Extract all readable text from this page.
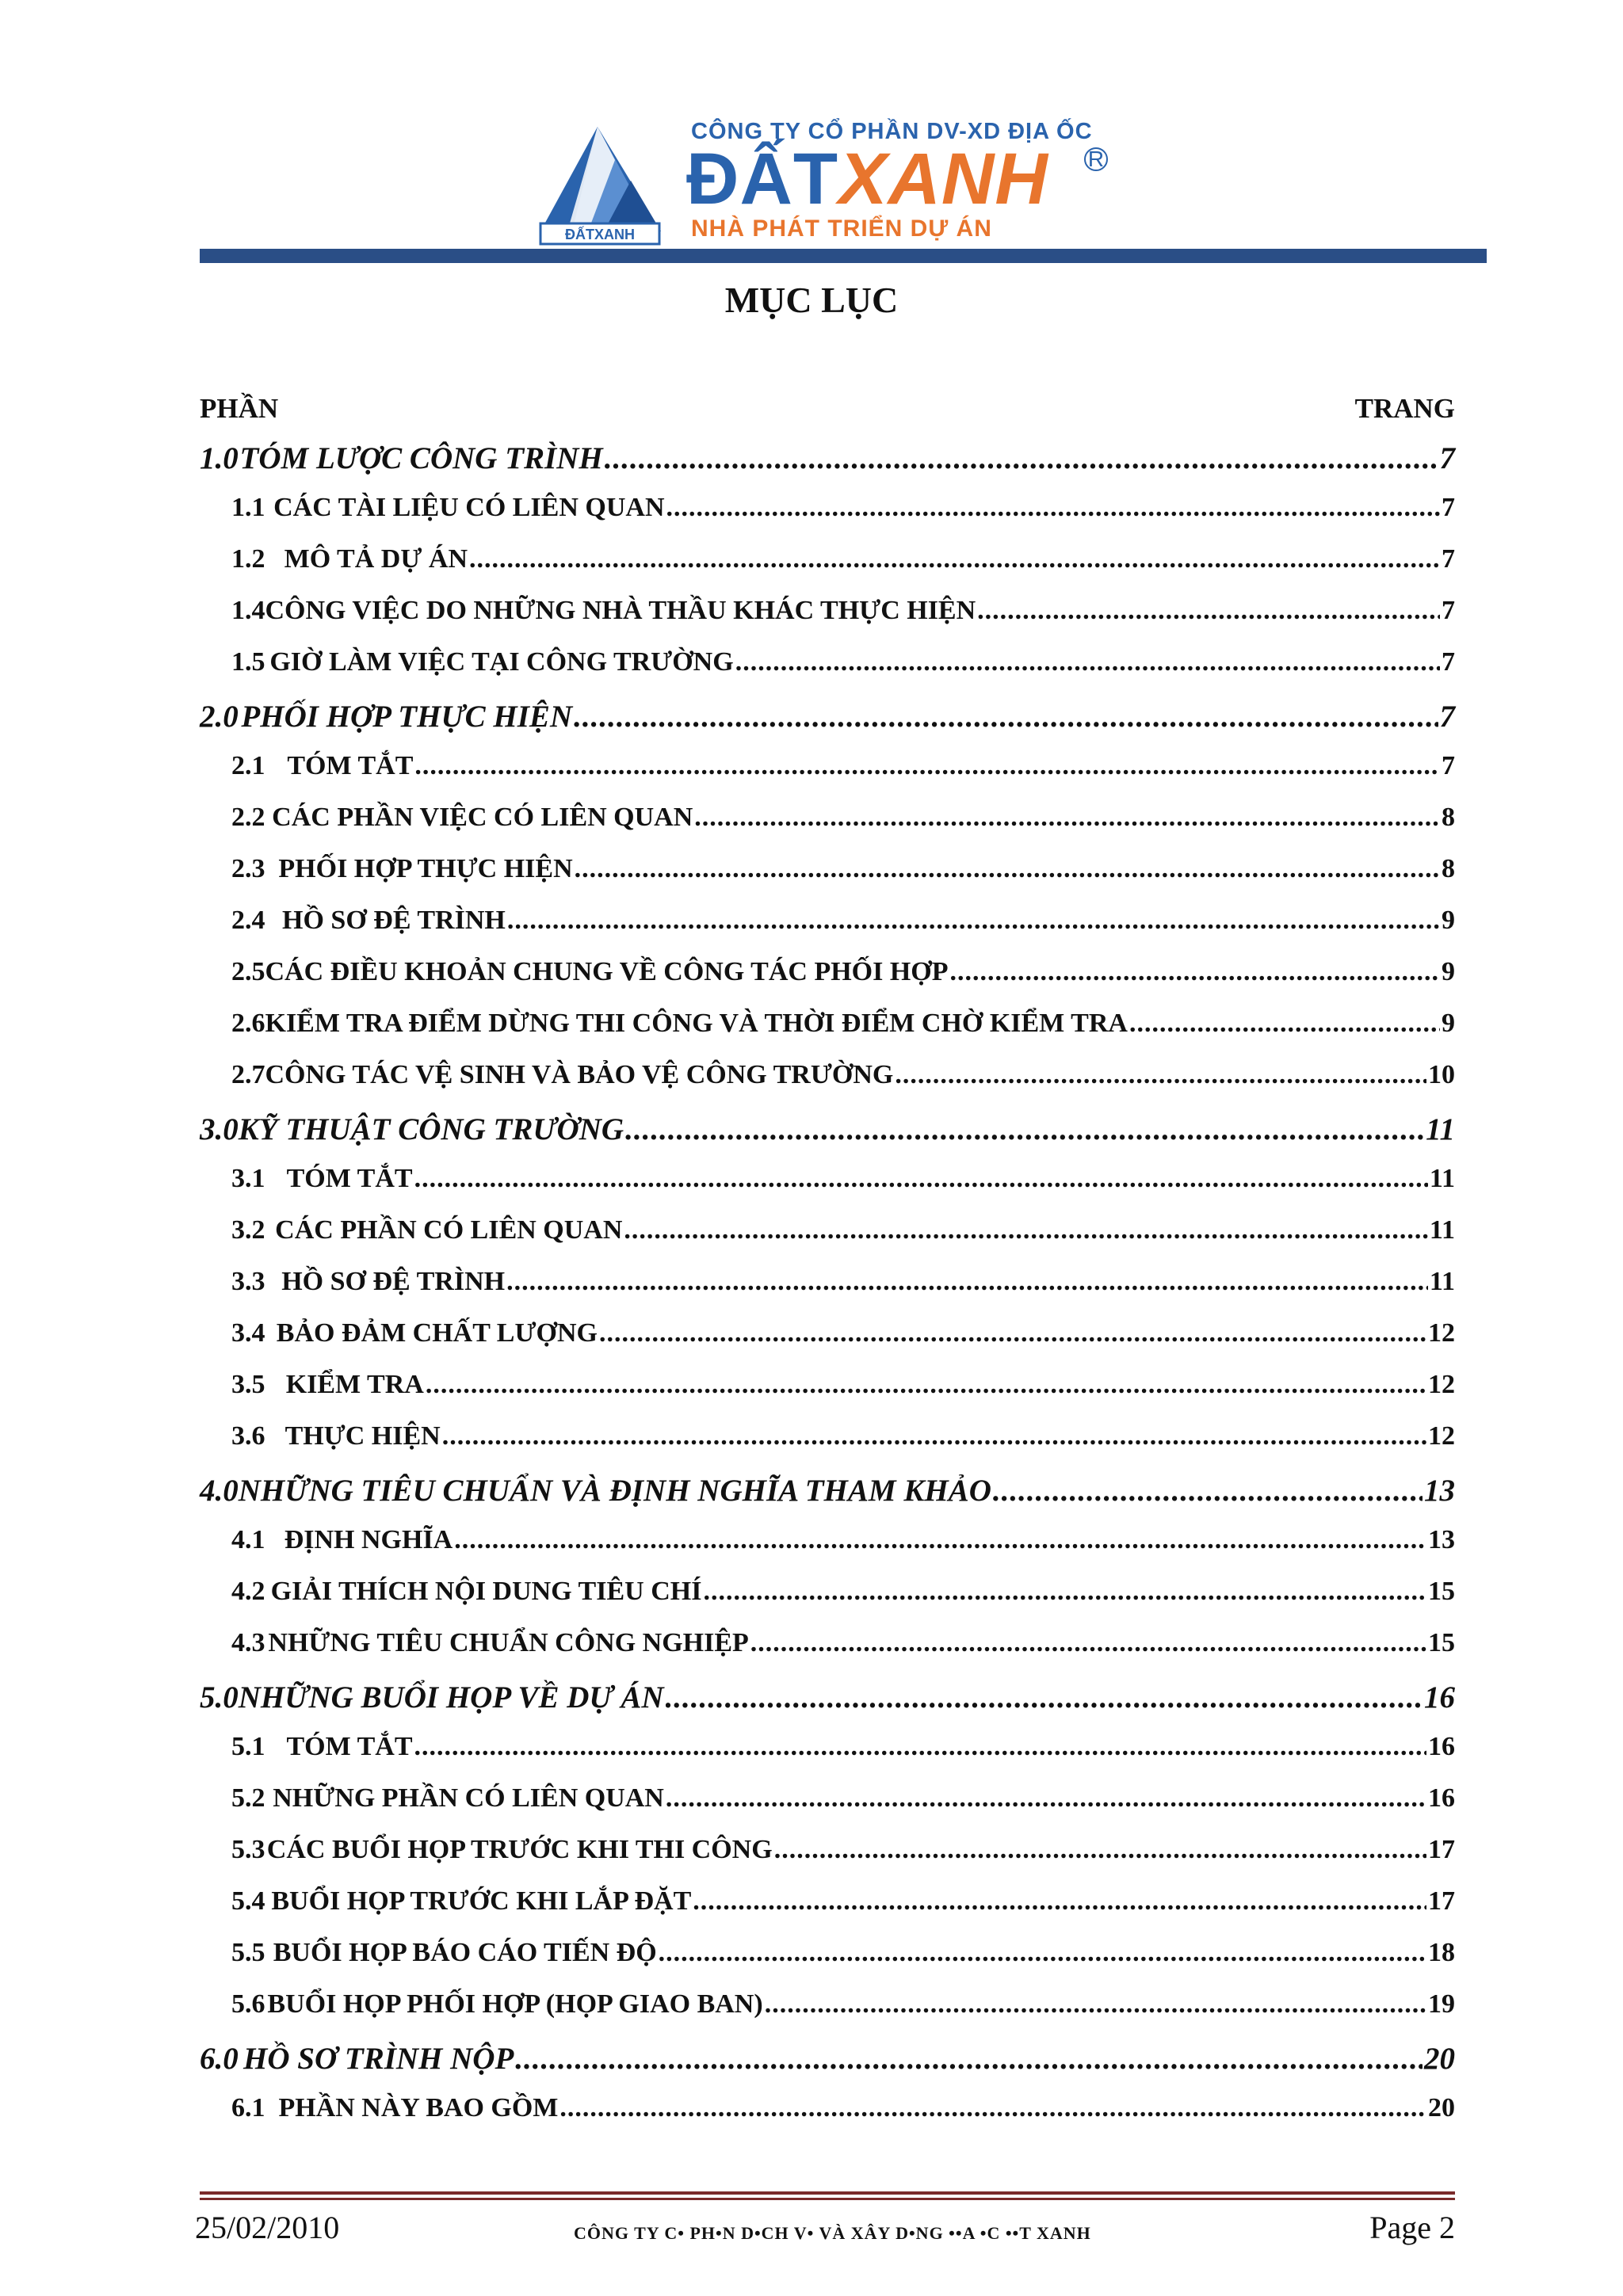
ĐẤTXANH
CÔNG TY CỔ PHẦN DV-XD ĐỊA ỐC
ĐẤTXANH R
NHÀ PHÁT TRIỂN DỰ ÁN
MỤC LỤC
PHẦN	TRANG
1.0 TÓM LƯỢC CÔNG TRÌNH .....	7
1.1 CÁC TÀI LIỆU CÓ LIÊN QUAN .....	7
1.2 MÔ TẢ DỰ ÁN .....	7
1.4 CÔNG VIỆC DO NHỮNG NHÀ THẦU KHÁC THỰC HIỆN .....	7
1.5 GIỜ LÀM VIỆC TẠI CÔNG TRƯỜNG .....	7
2.0 PHỐI HỢP THỰC HIỆN .....	7
2.1 TÓM TẮT .....	7
2.2 CÁC PHẦN VIỆC CÓ LIÊN QUAN .....	8
2.3 PHỐI HỢP THỰC HIỆN .....	8
2.4 HỒ SƠ ĐỆ TRÌNH .....	9
2.5 CÁC ĐIỀU KHOẢN CHUNG VỀ CÔNG TÁC PHỐI HỢP .....	9
2.6 KIỂM TRA ĐIỂM DỪNG THI CÔNG VÀ THỜI ĐIỂM CHỜ KIỂM TRA .....	9
2.7 CÔNG TÁC VỆ SINH VÀ BẢO VỆ CÔNG TRƯỜNG .....	10
3.0 KỸ THUẬT CÔNG TRƯỜNG .....	11
3.1 TÓM TẮT .....	11
3.2 CÁC PHẦN CÓ LIÊN QUAN .....	11
3.3 HỒ SƠ ĐỆ TRÌNH .....	11
3.4 BẢO ĐẢM CHẤT LƯỢNG .....	12
3.5 KIỂM TRA .....	12
3.6 THỰC HIỆN .....	12
4.0 NHỮNG TIÊU CHUẨN VÀ ĐỊNH NGHĨA THAM KHẢO .....	13
4.1 ĐỊNH NGHĨA .....	13
4.2 GIẢI THÍCH NỘI DUNG TIÊU CHÍ .....	15
4.3 NHỮNG TIÊU CHUẨN CÔNG NGHIỆP .....	15
5.0 NHỮNG BUỔI HỌP VỀ DỰ ÁN .....	16
5.1 TÓM TẮT .....	16
5.2 NHỮNG PHẦN CÓ LIÊN QUAN .....	16
5.3 CÁC BUỔI HỌP TRƯỚC KHI THI CÔNG .....	17
5.4 BUỔI HỌP TRƯỚC KHI LẮP ĐẶT .....	17
5.5 BUỔI HỌP BÁO CÁO TIẾN ĐỘ .....	18
5.6 BUỔI HỌP PHỐI HỢP (HỌP GIAO BAN) .....	19
6.0 HỒ SƠ TRÌNH NỘP .....	20
6.1 PHẦN NÀY BAO GỒM .....	20
25/02/2010	CÔNG TY C• PH•N D•CH V• VÀ XÂY D•NG ••A •C ••T XANH	Page 2
